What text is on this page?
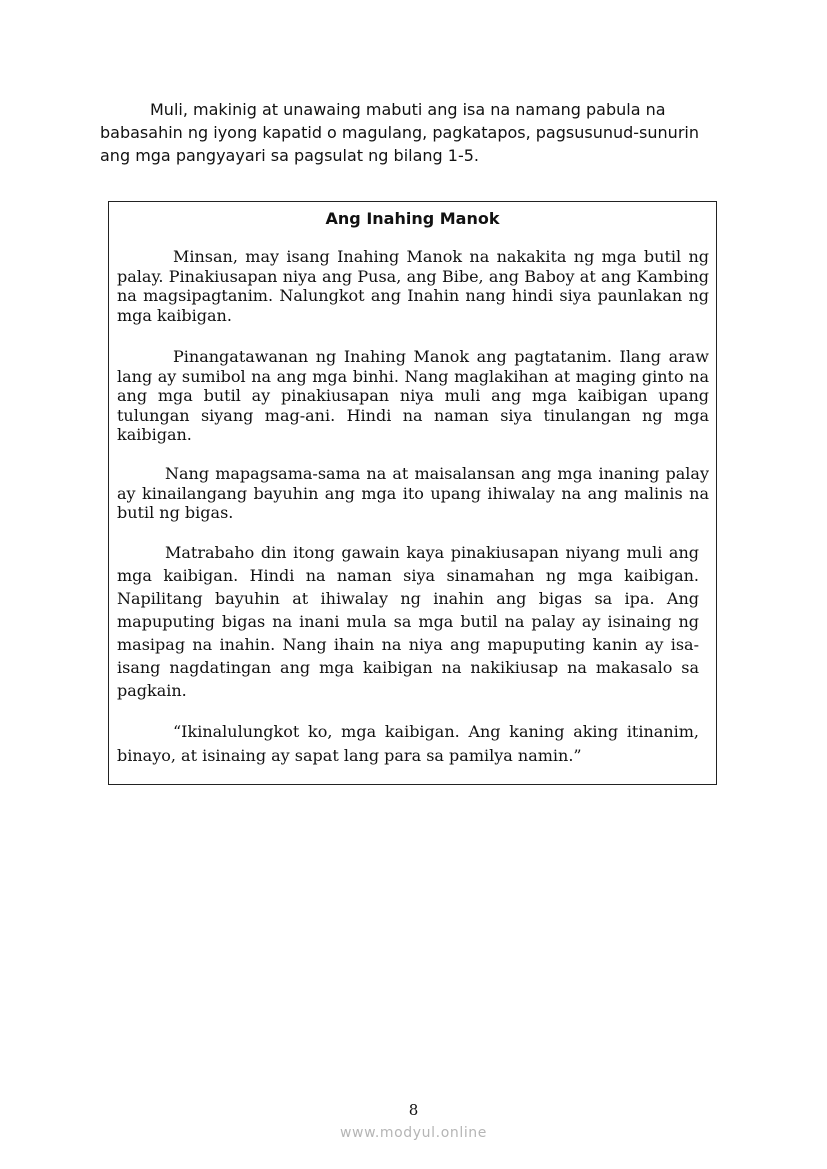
Muli, makinig at unawaing mabuti ang isa na namang pabula na babasahin ng iyong kapatid o magulang, pagkatapos, pagsusunud-sunurin ang mga pangyayari sa pagsulat ng bilang 1-5.

Ang Inahing Manok

Minsan, may isang Inahing Manok na nakakita ng mga butil ng palay. Pinakiusapan niya ang Pusa, ang Bibe, ang Baboy at ang Kambing na magsipagtanim. Nalungkot ang Inahin nang hindi siya paunlakan ng mga kaibigan.

Pinangatawanan ng Inahing Manok ang pagtatanim. Ilang araw lang ay sumibol na ang mga binhi. Nang maglakihan at maging ginto na ang mga butil ay pinakiusapan niya muli ang mga kaibigan upang tulungan siyang mag-ani. Hindi na naman siya tinulangan ng mga kaibigan.

Nang mapagsama-sama na at maisalansan ang mga inaning palay ay kinailangang bayuhin ang mga ito upang ihiwalay na ang malinis na butil ng bigas.

Matrabaho din itong gawain kaya pinakiusapan niyang muli ang mga kaibigan. Hindi na naman siya sinamahan ng mga kaibigan. Napilitang bayuhin at ihiwalay ng inahin ang bigas sa ipa. Ang mapuputing bigas na inani mula sa mga butil na palay ay isinaing ng masipag na inahin. Nang ihain na niya ang mapuputing kanin ay isa-isang nagdatingan ang mga kaibigan na nakikiusap na makasalo sa pagkain.

“Ikinalulungkot ko, mga kaibigan. Ang kaning aking itinanim, binayo, at isinaing ay sapat lang para sa pamilya namin.”

8
www.modyul.online
